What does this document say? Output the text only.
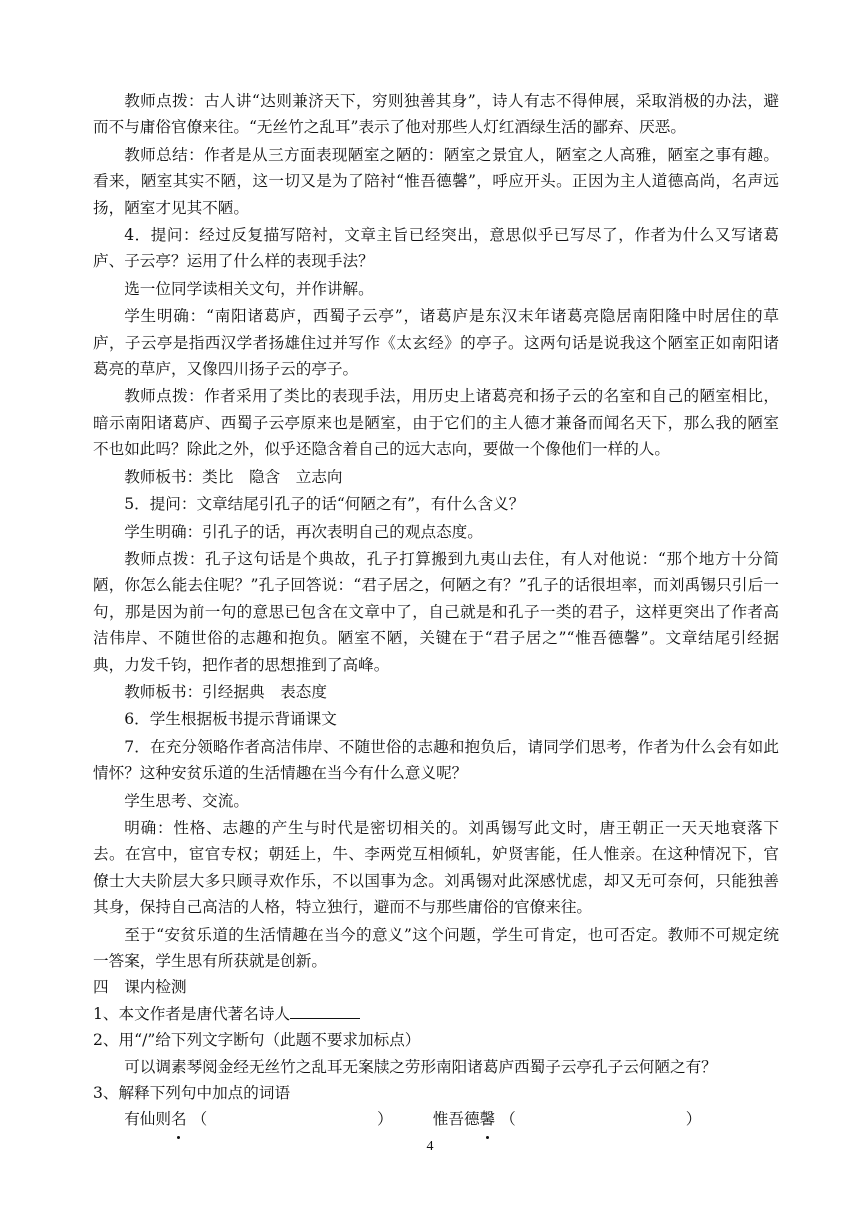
教师点拨：古人讲“达则兼济天下，穷则独善其身”，诗人有志不得伸展，采取消极的办法，避而不与庸俗官僚来往。“无丝竹之乱耳”表示了他对那些人灯红酒绿生活的鄙弃、厌恶。

教师总结：作者是从三方面表现陋室之陋的：陋室之景宜人，陋室之人高雅，陋室之事有趣。看来，陋室其实不陋，这一切又是为了陪衬“惟吾德馨”，呼应开头。正因为主人道德高尚，名声远扬，陋室才见其不陋。

4．提问：经过反复描写陪衬，文章主旨已经突出，意思似乎已写尽了，作者为什么又写诸葛庐、子云亭？运用了什么样的表现手法？

选一位同学读相关文句，并作讲解。

学生明确：“南阳诸葛庐，西蜀子云亭”，诸葛庐是东汉末年诸葛亮隐居南阳隆中时居住的草庐，子云亭是指西汉学者扬雄住过并写作《太玄经》的亭子。这两句话是说我这个陋室正如南阳诸葛亮的草庐，又像四川扬子云的亭子。

教师点拨：作者采用了类比的表现手法，用历史上诸葛亮和扬子云的名室和自己的陋室相比，暗示南阳诸葛庐、西蜀子云亭原来也是陋室，由于它们的主人德才兼备而闻名天下，那么我的陋室不也如此吗？除此之外，似乎还隐含着自己的远大志向，要做一个像他们一样的人。

教师板书：类比　隐含　立志向

5．提问：文章结尾引孔子的话“何陋之有”，有什么含义？

学生明确：引孔子的话，再次表明自己的观点态度。

教师点拨：孔子这句话是个典故，孔子打算搬到九夷山去住，有人对他说：“那个地方十分简陋，你怎么能去住呢？”孔子回答说：“君子居之，何陋之有？”孔子的话很坦率，而刘禹锡只引后一句，那是因为前一句的意思已包含在文章中了，自己就是和孔子一类的君子，这样更突出了作者高洁伟岸、不随世俗的志趣和抱负。陋室不陋，关键在于“君子居之”“惟吾德馨”。文章结尾引经据典，力发千钧，把作者的思想推到了高峰。

教师板书：引经据典　表态度

6．学生根据板书提示背诵课文

7．在充分领略作者高洁伟岸、不随世俗的志趣和抱负后，请同学们思考，作者为什么会有如此情怀？这种安贫乐道的生活情趣在当今有什么意义呢？

学生思考、交流。

明确：性格、志趣的产生与时代是密切相关的。刘禹锡写此文时，唐王朝正一天天地衰落下去。在宫中，宦官专权；朝廷上，牛、李两党互相倾轧，妒贤害能，任人惟亲。在这种情况下，官僚士大夫阶层大多只顾寻欢作乐，不以国事为念。刘禹锡对此深感忧虑，却又无可奈何，只能独善其身，保持自己高洁的人格，特立独行，避而不与那些庸俗的官僚来往。

至于“安贫乐道的生活情趣在当今的意义”这个问题，学生可肯定，也可否定。教师不可规定统一答案，学生思有所获就是创新。

四　课内检测

1、本文作者是唐代著名诗人

2、用“/”给下列文字断句（此题不要求加标点）

可以调素琴阅金经无丝竹之乱耳无案牍之劳形南阳诸葛庐西蜀子云亭孔子云何陋之有？

3、解释下列句中加点的词语

有仙则名 （	）	惟吾德馨 （	）

4
